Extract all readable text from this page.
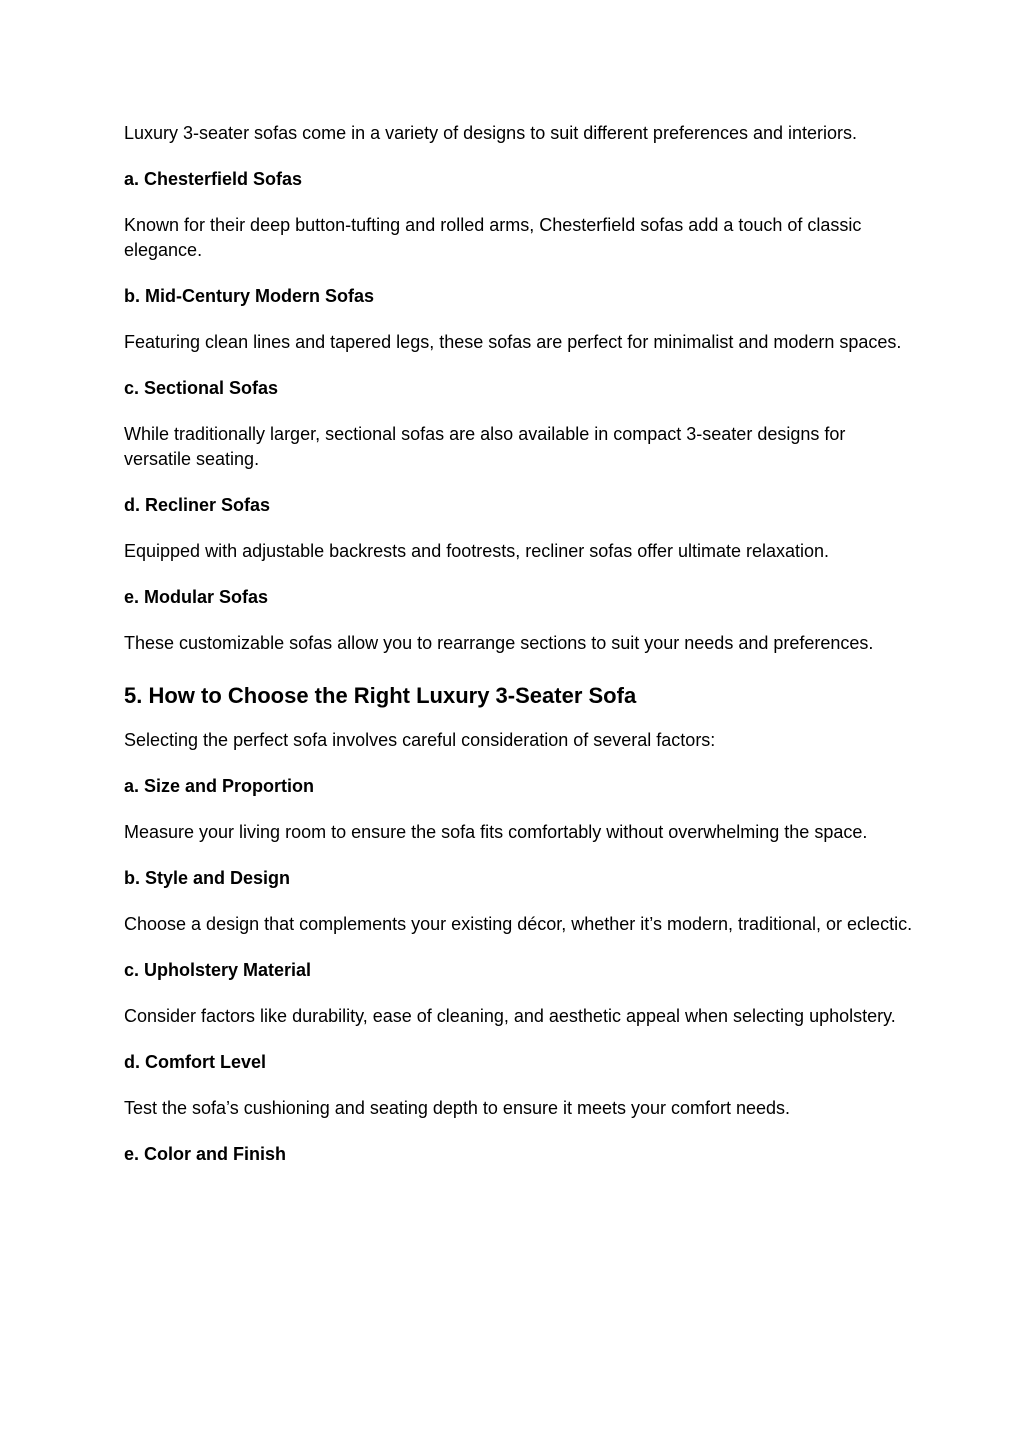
Luxury 3-seater sofas come in a variety of designs to suit different preferences and interiors.

a. Chesterfield Sofas

Known for their deep button-tufting and rolled arms, Chesterfield sofas add a touch of classic elegance.

b. Mid-Century Modern Sofas

Featuring clean lines and tapered legs, these sofas are perfect for minimalist and modern spaces.

c. Sectional Sofas

While traditionally larger, sectional sofas are also available in compact 3-seater designs for versatile seating.

d. Recliner Sofas

Equipped with adjustable backrests and footrests, recliner sofas offer ultimate relaxation.

e. Modular Sofas

These customizable sofas allow you to rearrange sections to suit your needs and preferences.

5. How to Choose the Right Luxury 3-Seater Sofa

Selecting the perfect sofa involves careful consideration of several factors:

a. Size and Proportion

Measure your living room to ensure the sofa fits comfortably without overwhelming the space.

b. Style and Design

Choose a design that complements your existing décor, whether it’s modern, traditional, or eclectic.

c. Upholstery Material

Consider factors like durability, ease of cleaning, and aesthetic appeal when selecting upholstery.

d. Comfort Level

Test the sofa’s cushioning and seating depth to ensure it meets your comfort needs.

e. Color and Finish
